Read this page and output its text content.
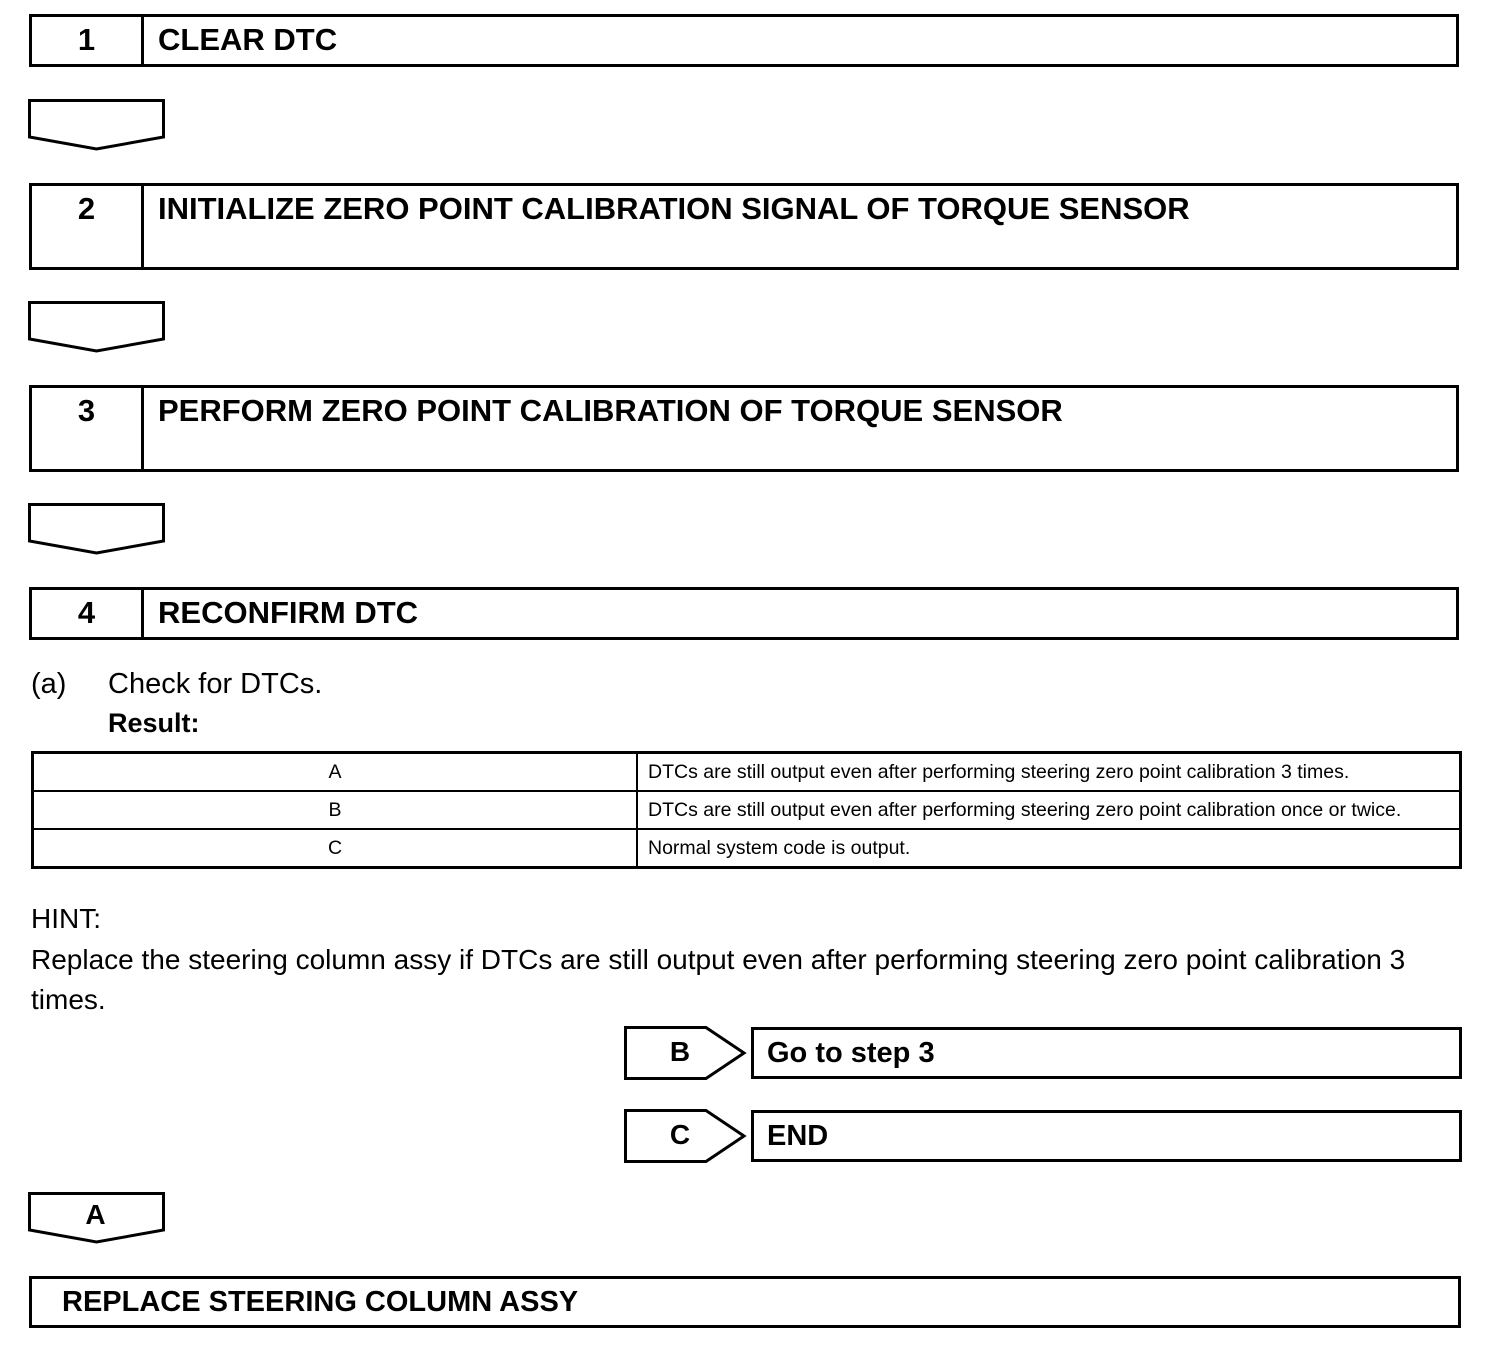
1	CLEAR DTC
2	INITIALIZE ZERO POINT CALIBRATION SIGNAL OF TORQUE SENSOR
3	PERFORM ZERO POINT CALIBRATION OF TORQUE SENSOR
4	RECONFIRM DTC
(a) Check for DTCs.
Result:
A	DTCs are still output even after performing steering zero point calibration 3 times.
B	DTCs are still output even after performing steering zero point calibration once or twice.
C	Normal system code is output.
HINT:
Replace the steering column assy if DTCs are still output even after performing steering zero point calibration 3 times.
B	Go to step 3
C	END
A
REPLACE STEERING COLUMN ASSY
